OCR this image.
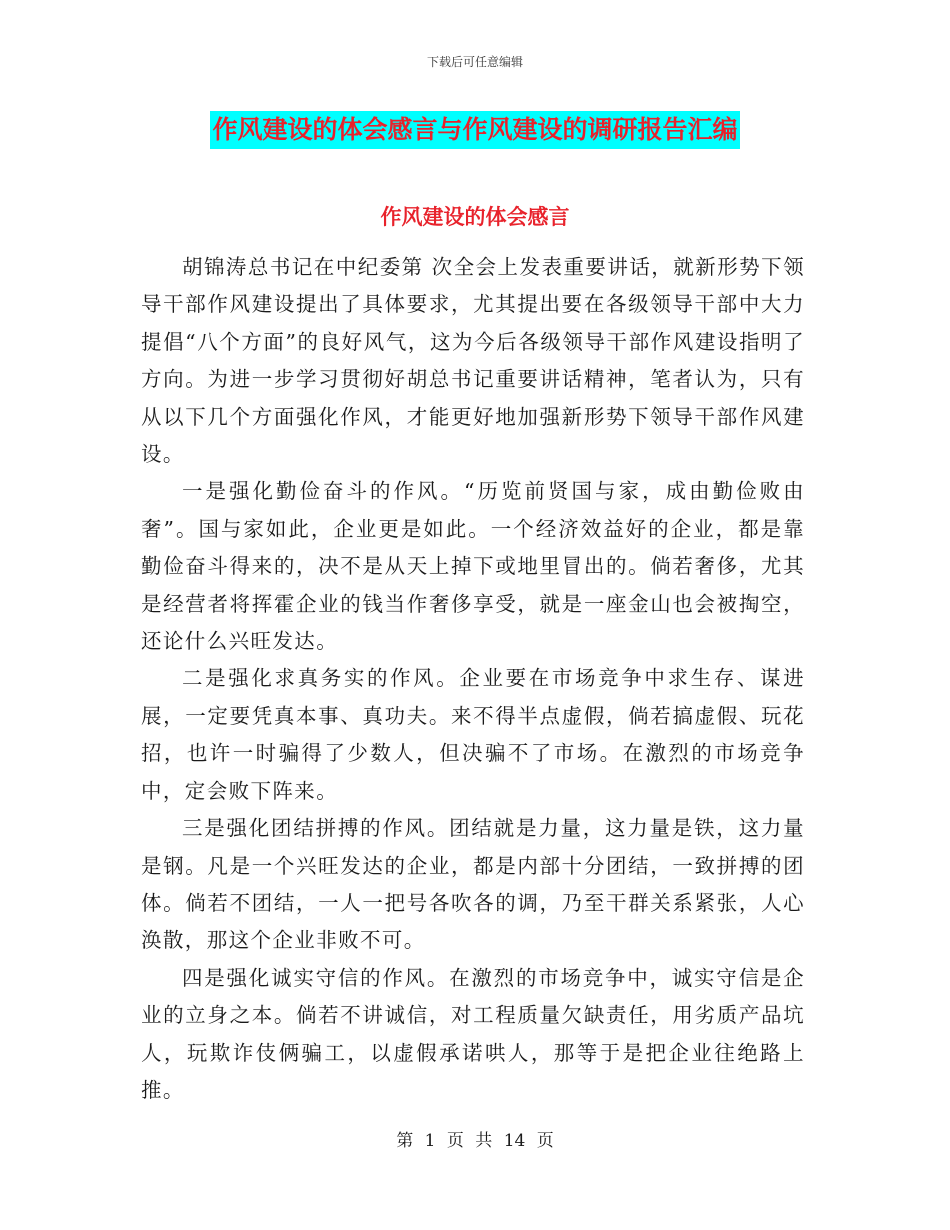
下载后可任意编辑
作风建设的体会感言与作风建设的调研报告汇编
作风建设的体会感言

胡锦涛总书记在中纪委第 次全会上发表重要讲话，就新形势下领导干部作风建设提出了具体要求，尤其提出要在各级领导干部中大力提倡“八个方面”的良好风气，这为今后各级领导干部作风建设指明了方向。为进一步学习贯彻好胡总书记重要讲话精神，笔者认为，只有从以下几个方面强化作风，才能更好地加强新形势下领导干部作风建设。

一是强化勤俭奋斗的作风。“历览前贤国与家，成由勤俭败由奢”。国与家如此，企业更是如此。一个经济效益好的企业，都是靠勤俭奋斗得来的，决不是从天上掉下或地里冒出的。倘若奢侈，尤其是经营者将挥霍企业的钱当作奢侈享受，就是一座金山也会被掏空，还论什么兴旺发达。

二是强化求真务实的作风。企业要在市场竞争中求生存、谋进展，一定要凭真本事、真功夫。来不得半点虚假，倘若搞虚假、玩花招，也许一时骗得了少数人，但决骗不了市场。在激烈的市场竞争中，定会败下阵来。

三是强化团结拼搏的作风。团结就是力量，这力量是铁，这力量是钢。凡是一个兴旺发达的企业，都是内部十分团结，一致拼搏的团体。倘若不团结，一人一把号各吹各的调，乃至干群关系紧张，人心涣散，那这个企业非败不可。

四是强化诚实守信的作风。在激烈的市场竞争中，诚实守信是企业的立身之本。倘若不讲诚信，对工程质量欠缺责任，用劣质产品坑人，玩欺诈伎俩骗工，以虚假承诺哄人，那等于是把企业往绝路上推。

第 1 页 共 14 页
